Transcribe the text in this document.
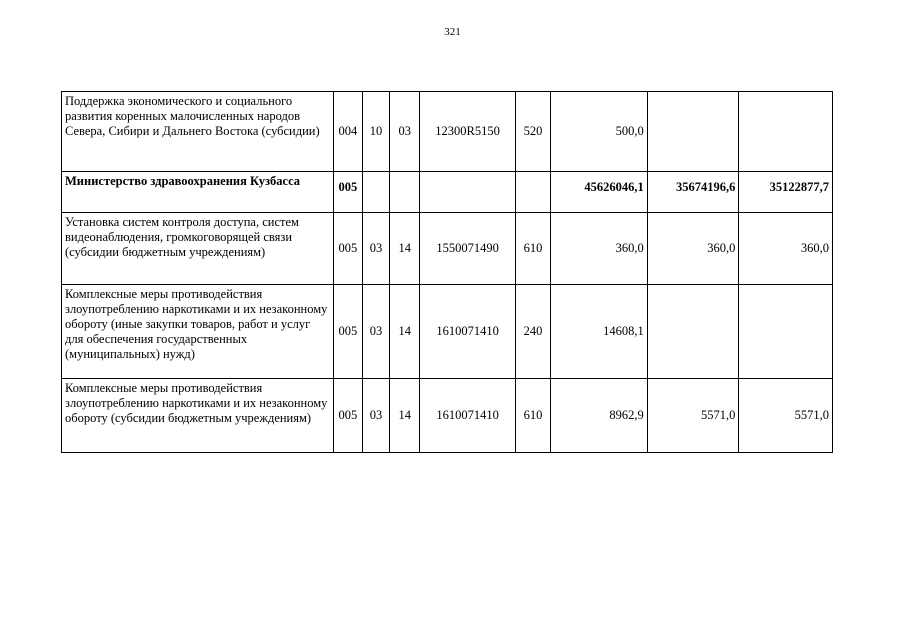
321
Поддержка экономического и социального развития коренных малочисленных народов Севера, Сибири и Дальнего Востока (субсидии)	004	10	03	12300R5150	520	500,0		
Министерство здравоохранения Кузбасса	005					45626046,1	35674196,6	35122877,7
Установка систем контроля доступа, систем видеонаблюдения, громкоговорящей связи (субсидии бюджетным учреждениям)	005	03	14	1550071490	610	360,0	360,0	360,0
Комплексные меры противодействия злоупотреблению наркотиками и их незаконному обороту (иные закупки товаров, работ и услуг для обеспечения государственных (муниципальных) нужд)	005	03	14	1610071410	240	14608,1		
Комплексные меры противодействия злоупотреблению наркотиками и их незаконному обороту (субсидии бюджетным учреждениям)	005	03	14	1610071410	610	8962,9	5571,0	5571,0
